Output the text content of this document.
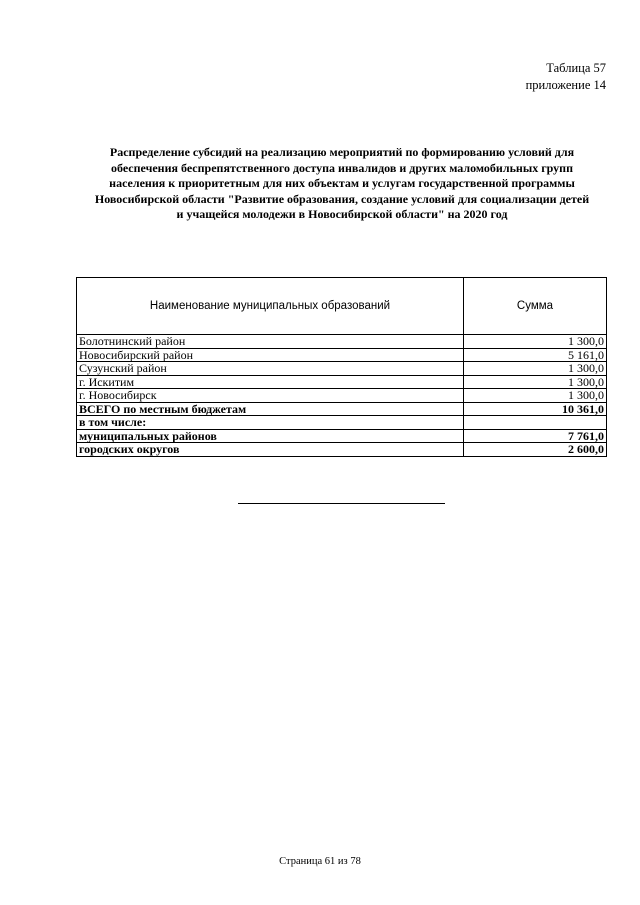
Таблица 57
приложение 14
Распределение субсидий на реализацию мероприятий по формированию условий для
обеспечения беспрепятственного доступа инвалидов и других маломобильных групп
населения к приоритетным для них объектам и услугам государственной программы
Новосибирской области "Развитие образования, создание условий для социализации детей
и учащейся молодежи в Новосибирской области" на 2020 год
Наименование муниципальных образований	Сумма
Болотнинский район	1 300,0
Новосибирский район	5 161,0
Сузунский район	1 300,0
г. Искитим	1 300,0
г. Новосибирск	1 300,0
ВСЕГО по местным бюджетам	10 361,0
в том числе:	
муниципальных районов	7 761,0
городских округов	2 600,0
Страница 61 из 78
